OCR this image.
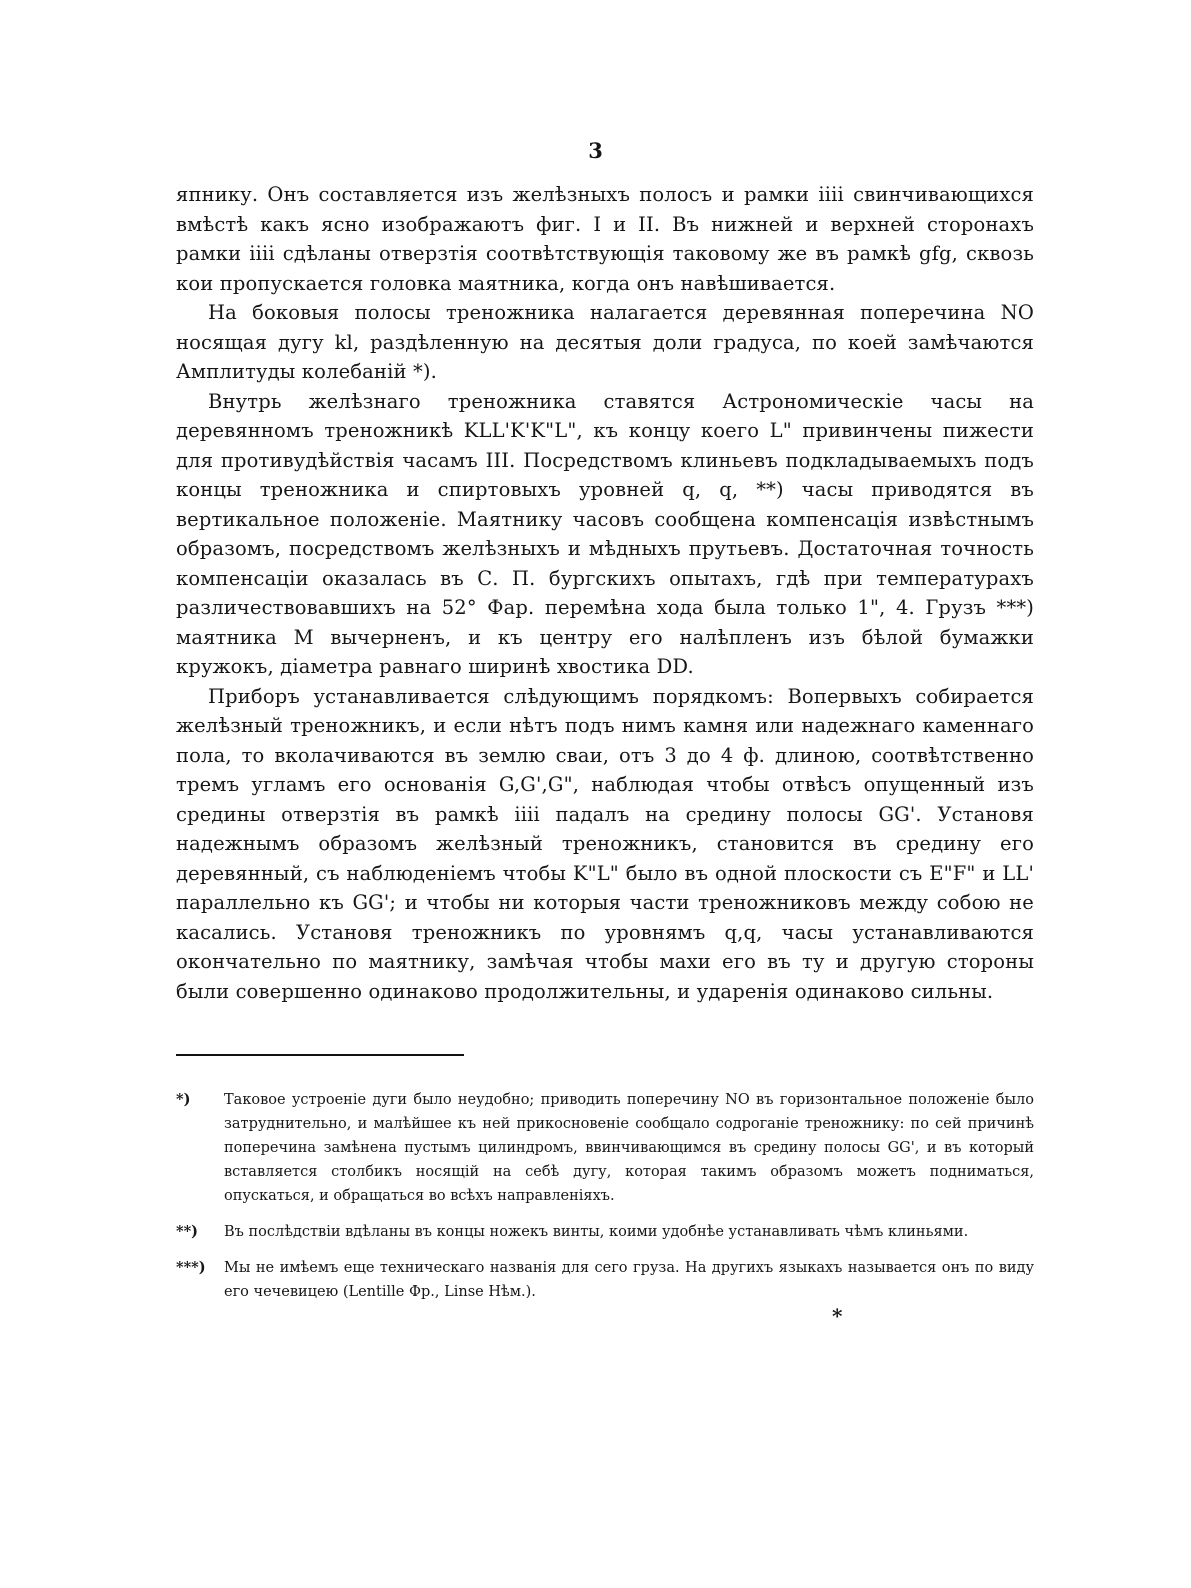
3

япнику. Онъ составляется изъ желѣзныхъ полосъ и рамки iiii свинчивающихся вмѣстѣ какъ ясно изображаютъ фиг. I и II. Въ нижней и верхней сторонахъ рамки iiii сдѣланы отверзтія соотвѣтствующія таковому же въ рамкѣ gfg, сквозь кои пропускается головка маятника, когда онъ навѣшивается.

На боковыя полосы треножника налагается деревянная поперечина NO носящая дугу kl, раздѣленную на десятыя доли градуса, по коей замѣчаются Амплитуды колебаній *).

Внутрь желѣзнаго треножника ставятся Астрономическіе часы на деревянномъ треножникѣ KLL'K'K"L", къ концу коего L" привинчены пижести для противудѣйствія часамъ III. Посредствомъ клиньевъ подкладываемыхъ подъ концы треножника и спиртовыхъ уровней q, q, **) часы приводятся въ вертикальное положеніе. Маятнику часовъ сообщена компенсація извѣстнымъ образомъ, посредствомъ желѣзныхъ и мѣдныхъ прутьевъ. Достаточная точность компенсаціи оказалась въ С. П. бургскихъ опытахъ, гдѣ при температурахъ различествовавшихъ на 52° Фар. перемѣна хода была только 1", 4. Грузъ ***) маятника M вычерненъ, и къ центру его налѣпленъ изъ бѣлой бумажки кружокъ, діаметра равнаго ширинѣ хвостика DD.

Приборъ устанавливается слѣдующимъ порядкомъ: Вопервыхъ собирается желѣзный треножникъ, и если нѣтъ подъ нимъ камня или надежнаго каменнаго пола, то вколачиваются въ землю сваи, отъ 3 до 4 ф. длиною, соотвѣтственно тремъ угламъ его основанія G,G',G", наблюдая чтобы отвѣсъ опущенный изъ средины отверзтія въ рамкѣ iiii падалъ на средину полосы GG'. Установя надежнымъ образомъ желѣзный треножникъ, становится въ средину его деревянный, съ наблюденіемъ чтобы K"L" было въ одной плоскости съ E"F" и LL' параллельно къ GG'; и чтобы ни которыя части треножниковъ между собою не касались. Установя треножникъ по уровнямъ q,q, часы устанавливаются окончательно по маятнику, замѣчая чтобы махи его въ ту и другую стороны были совершенно одинаково продолжительны, и ударенія одинаково сильны.

*)	Таковое устроеніе дуги было неудобно; приводить поперечину NO въ горизонтальное положеніе было затруднительно, и малѣйшее къ ней прикосновеніе сообщало содроганіе треножнику: по сей причинѣ поперечина замѣнена пустымъ цилиндромъ, ввинчивающимся въ средину полосы GG', и въ который вставляется столбикъ носящій на себѣ дугу, которая такимъ образомъ можетъ подниматься, опускаться, и обращаться во всѣхъ направленіяхъ.
**)	Въ послѣдствіи вдѣланы въ концы ножекъ винты, коими удобнѣе устанавливать чѣмъ клиньями.
***)	Мы не имѣемъ еще техническаго названія для сего груза. На другихъ языкахъ называется онъ по виду его чечевицею (Lentille Фр., Linse Нѣм.).
*
